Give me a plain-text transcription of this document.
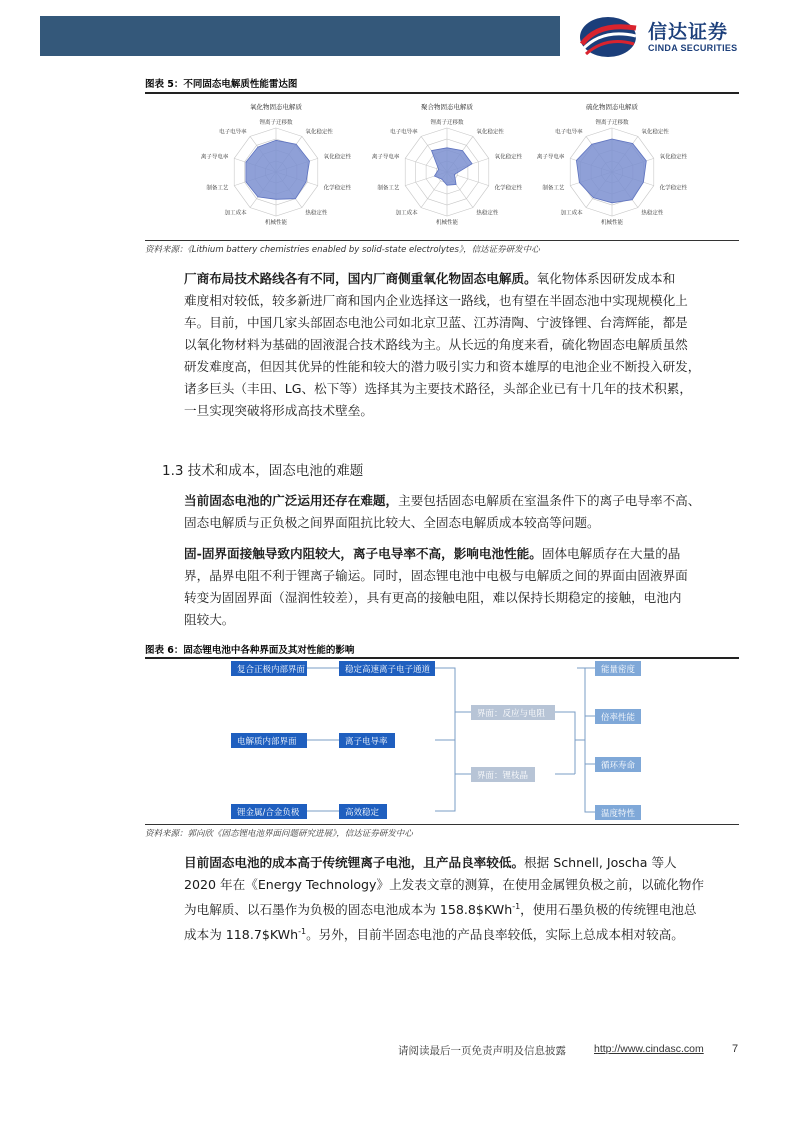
信达证券
CINDA SECURITIES
图表 5：不同固态电解质性能雷达图
锂离子迁移数
氧化稳定性
氧化稳定性
化学稳定性
热稳定性
机械性能
加工成本
制备工艺
离子导电率
电子电导率
氧化物固态电解质
锂离子迁移数
氧化稳定性
氧化稳定性
化学稳定性
热稳定性
机械性能
加工成本
制备工艺
离子导电率
电子电导率
聚合物固态电解质
锂离子迁移数
氧化稳定性
氧化稳定性
化学稳定性
热稳定性
机械性能
加工成本
制备工艺
离子导电率
电子电导率
硫化物固态电解质
资料来源：《Lithium battery chemistries enabled by solid-state electrolytes》，信达证券研发中心
厂商布局技术路线各有不同，国内厂商侧重氧化物固态电解质。氧化物体系因研发成本和
难度相对较低，较多新进厂商和国内企业选择这一路线，也有望在半固态池中实现规模化上
车。目前，中国几家头部固态电池公司如北京卫蓝、江苏清陶、宁波锋锂、台湾辉能，都是
以氧化物材料为基础的固液混合技术路线为主。从长远的角度来看，硫化物固态电解质虽然
研发难度高，但因其优异的性能和较大的潜力吸引实力和资本雄厚的电池企业不断投入研发，
诸多巨头（丰田、LG、松下等）选择其为主要技术路径，头部企业已有十几年的技术积累，
一旦实现突破将形成高技术壁垒。
1.3 技术和成本，固态电池的难题
当前固态电池的广泛运用还存在难题，主要包括固态电解质在室温条件下的离子电导率不高、
固态电解质与正负极之间界面阻抗比较大、全固态电解质成本较高等问题。
固-固界面接触导致内阻较大，离子电导率不高，影响电池性能。固体电解质存在大量的晶
界，晶界电阻不利于锂离子输运。同时，固态锂电池中电极与电解质之间的界面由固液界面
转变为固固界面（湿润性较差），具有更高的接触电阻，难以保持长期稳定的接触，电池内
阻较大。
图表 6：固态锂电池中各种界面及其对性能的影响
复合正极内部界面
电解质内部界面
锂金属/合金负极
稳定高速离子电子通道
离子电导率
高效稳定
界面：反应与电阻
界面：锂枝晶
能量密度
倍率性能
循环寿命
温度特性
资料来源：郭向欣《固态锂电池界面问题研究进展》，信达证券研发中心
目前固态电池的成本高于传统锂离子电池，且产品良率较低。根据 Schnell, Joscha 等人
2020 年在《Energy Technology》上发表文章的测算，在使用金属锂负极之前，以硫化物作
为电解质、以石墨作为负极的固态电池成本为 158.8$KWh$^{-1}$，使用石墨负极的传统锂电池总
成本为 118.7$KWh$^{-1}$。另外，目前半固态电池的产品良率较低，实际上总成本相对较高。
请阅读最后一页免责声明及信息披露	http://www.cindasc.com	7
